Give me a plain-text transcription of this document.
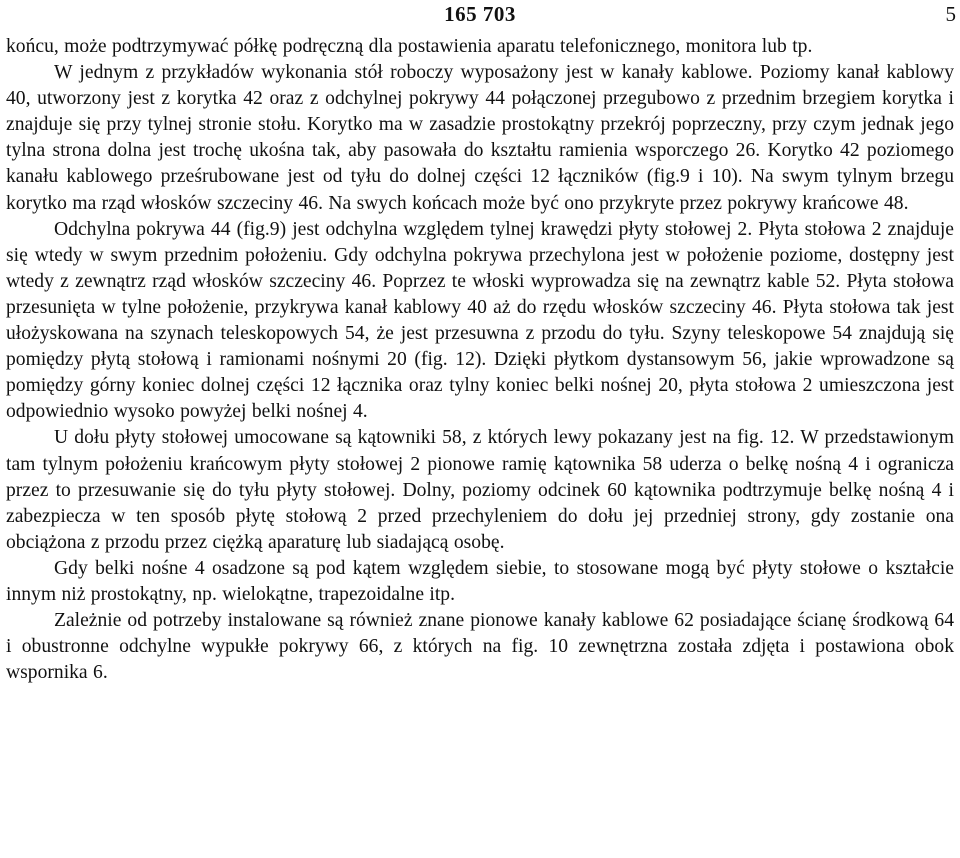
165 703	5

końcu, może podtrzymywać półkę podręczną dla postawienia aparatu telefonicznego, monitora lub tp.

W jednym z przykładów wykonania stół roboczy wyposażony jest w kanały kablowe. Poziomy kanał kablowy 40, utworzony jest z korytka 42 oraz z odchylnej pokrywy 44 połączonej przegubowo z przednim brzegiem korytka i znajduje się przy tylnej stronie stołu. Korytko ma w zasadzie prostokątny przekrój poprzeczny, przy czym jednak jego tylna strona dolna jest trochę ukośna tak, aby pasowała do kształtu ramienia wsporczego 26. Korytko 42 poziomego kanału kablowego prześrubowane jest od tyłu do dolnej części 12 łączników (fig.9 i 10). Na swym tylnym brzegu korytko ma rząd włosków szczeciny 46. Na swych końcach może być ono przykryte przez pokrywy krańcowe 48.

Odchylna pokrywa 44 (fig.9) jest odchylna względem tylnej krawędzi płyty stołowej 2. Płyta stołowa 2 znajduje się wtedy w swym przednim położeniu. Gdy odchylna pokrywa przechylona jest w położenie poziome, dostępny jest wtedy z zewnątrz rząd włosków szczeciny 46. Poprzez te włoski wyprowadza się na zewnątrz kable 52. Płyta stołowa przesunięta w tylne położenie, przykrywa kanał kablowy 40 aż do rzędu włosków szczeciny 46. Płyta stołowa tak jest ułożyskowana na szynach teleskopowych 54, że jest przesuwna z przodu do tyłu. Szyny teleskopowe 54 znajdują się pomiędzy płytą stołową i ramionami nośnymi 20 (fig. 12). Dzięki płytkom dystansowym 56, jakie wprowadzone są pomiędzy górny koniec dolnej części 12 łącznika oraz tylny koniec belki nośnej 20, płyta stołowa 2 umieszczona jest odpowiednio wysoko powyżej belki nośnej 4.

U dołu płyty stołowej umocowane są kątowniki 58, z których lewy pokazany jest na fig. 12. W przedstawionym tam tylnym położeniu krańcowym płyty stołowej 2 pionowe ramię kątownika 58 uderza o belkę nośną 4 i ogranicza przez to przesuwanie się do tyłu płyty stołowej. Dolny, poziomy odcinek 60 kątownika podtrzymuje belkę nośną 4 i zabezpiecza w ten sposób płytę stołową 2 przed przechyleniem do dołu jej przedniej strony, gdy zostanie ona obciążona z przodu przez ciężką aparaturę lub siadającą osobę.

Gdy belki nośne 4 osadzone są pod kątem względem siebie, to stosowane mogą być płyty stołowe o kształcie innym niż prostokątny, np. wielokątne, trapezoidalne itp.

Zależnie od potrzeby instalowane są również znane pionowe kanały kablowe 62 posiadające ścianę środkową 64 i obustronne odchylne wypukłe pokrywy 66, z których na fig. 10 zewnętrzna została zdjęta i postawiona obok wspornika 6.
